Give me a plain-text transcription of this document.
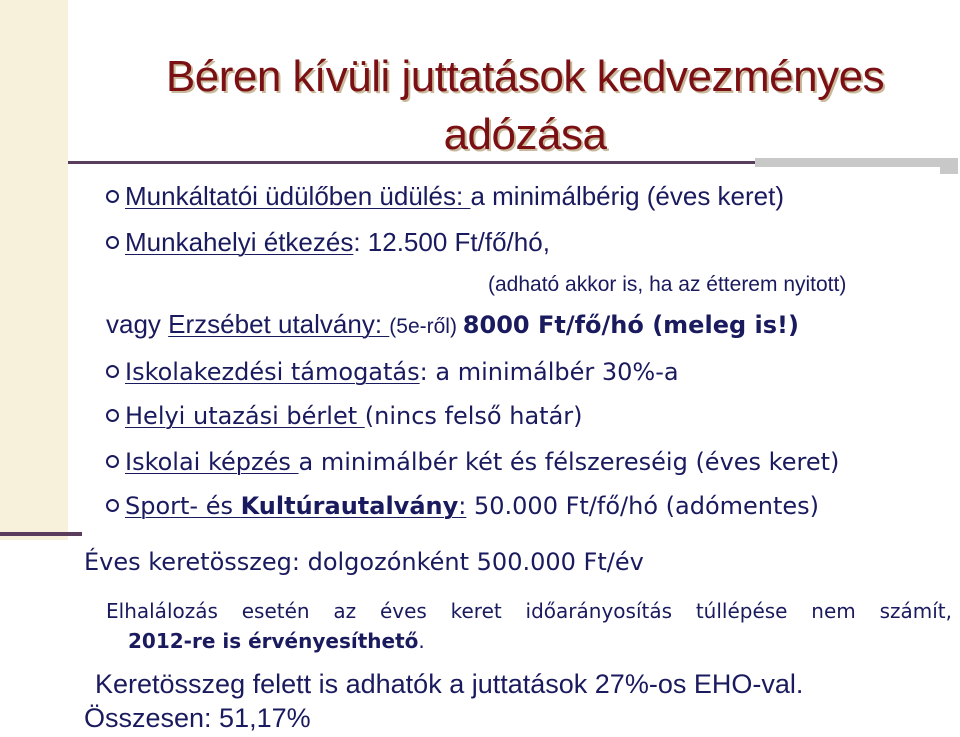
Béren kívüli juttatások kedvezményes
adózása
Munkáltatói üdülőben üdülés: a minimálbérig (éves keret)
Munkahelyi étkezés: 12.500 Ft/fő/hó,
(adható akkor is, ha az étterem nyitott)
vagy Erzsébet utalvány: (5e-ről) 8000 Ft/fő/hó (meleg is!)
Iskolakezdési támogatás: a minimálbér 30%-a
Helyi utazási bérlet (nincs felső határ)
Iskolai képzés a minimálbér két és félszereséig (éves keret)
Sport- és Kultúrautalvány: 50.000 Ft/fő/hó (adómentes)
Éves keretösszeg: dolgozónként 500.000 Ft/év
Elhalálozás esetén az éves keret időarányosítás túllépése nem számít,
2012-re is érvényesíthető.
Keretösszeg felett is adhatók a juttatások 27%-os EHO-val.
Összesen: 51,17%
